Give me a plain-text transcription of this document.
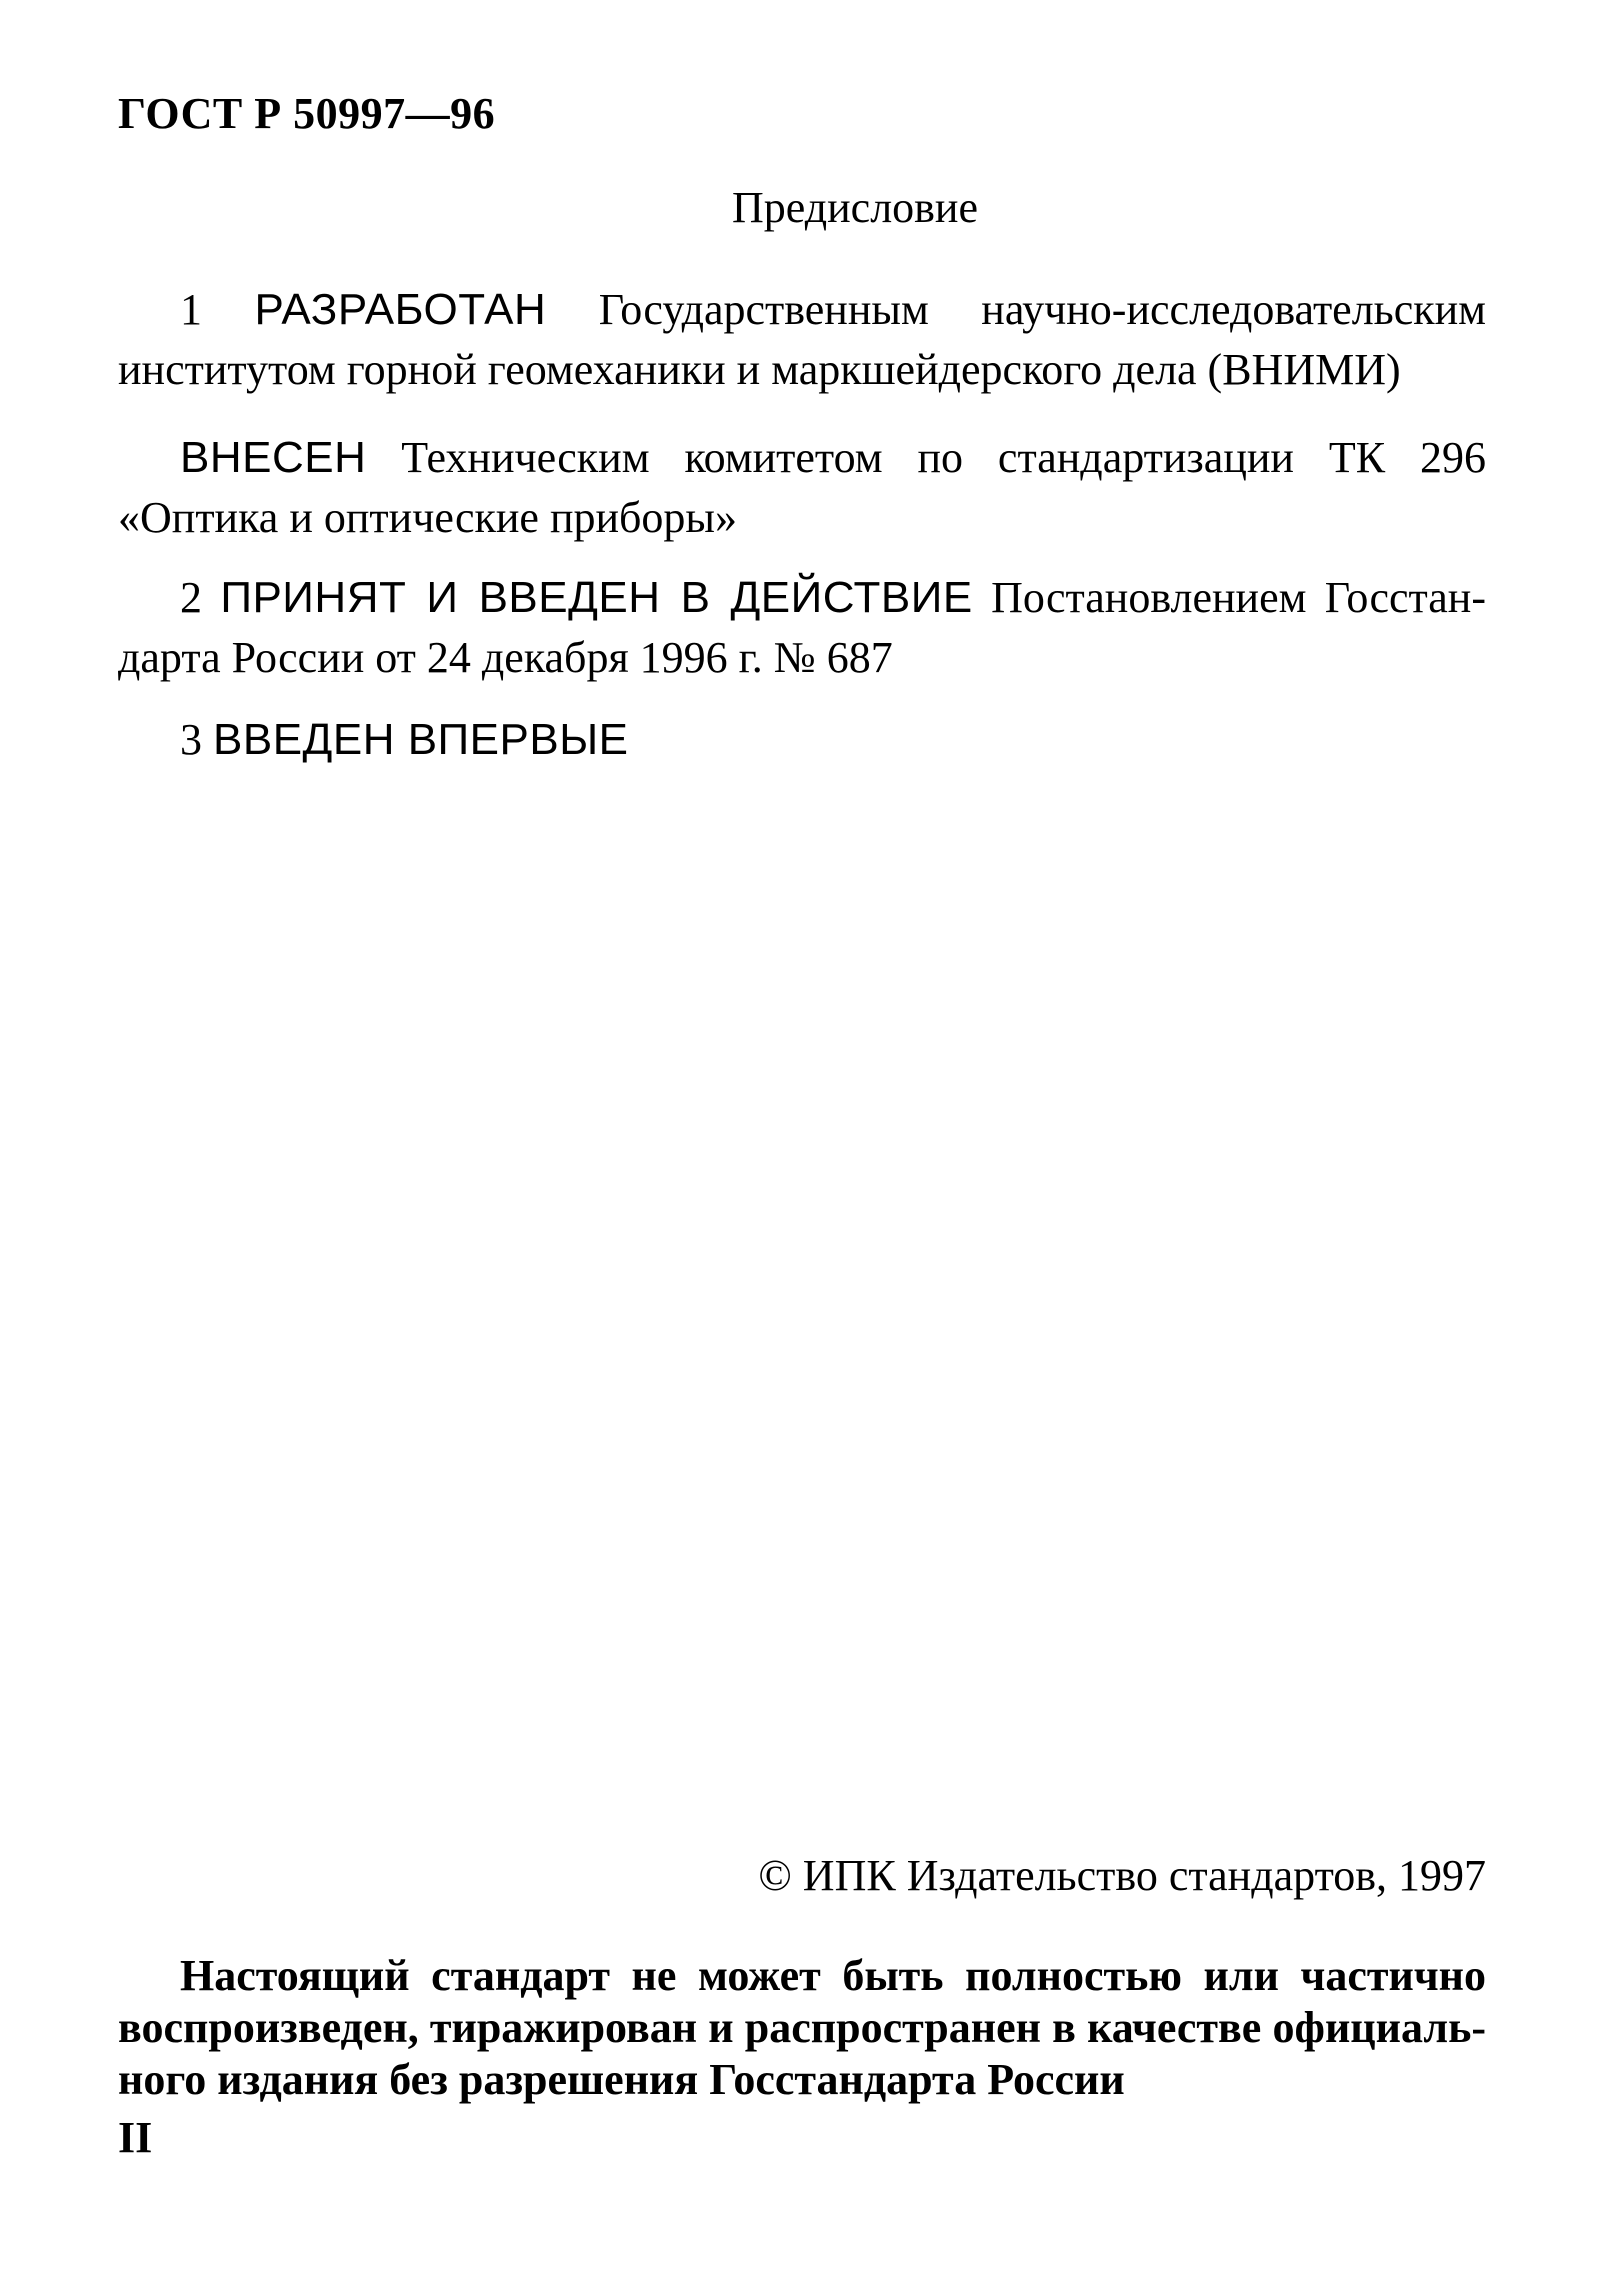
ГОСТ Р 50997—96
Предисловие
1 РАЗРАБОТАН Государственным научно-исследовательским
институтом горной геомеханики и маркшейдерского дела (ВНИМИ)
ВНЕСЕН Техническим комитетом по стандартизации ТК 296
«Оптика и оптические приборы»
2 ПРИНЯТ И ВВЕДЕН В ДЕЙСТВИЕ Постановлением Госстан-
дарта России от 24 декабря 1996 г. № 687
3 ВВЕДЕН ВПЕРВЫЕ
© ИПК Издательство стандартов, 1997
Настоящий стандарт не может быть полностью или частично
воспроизведен, тиражирован и распространен в качестве официаль-
ного издания без разрешения Госстандарта России
II
